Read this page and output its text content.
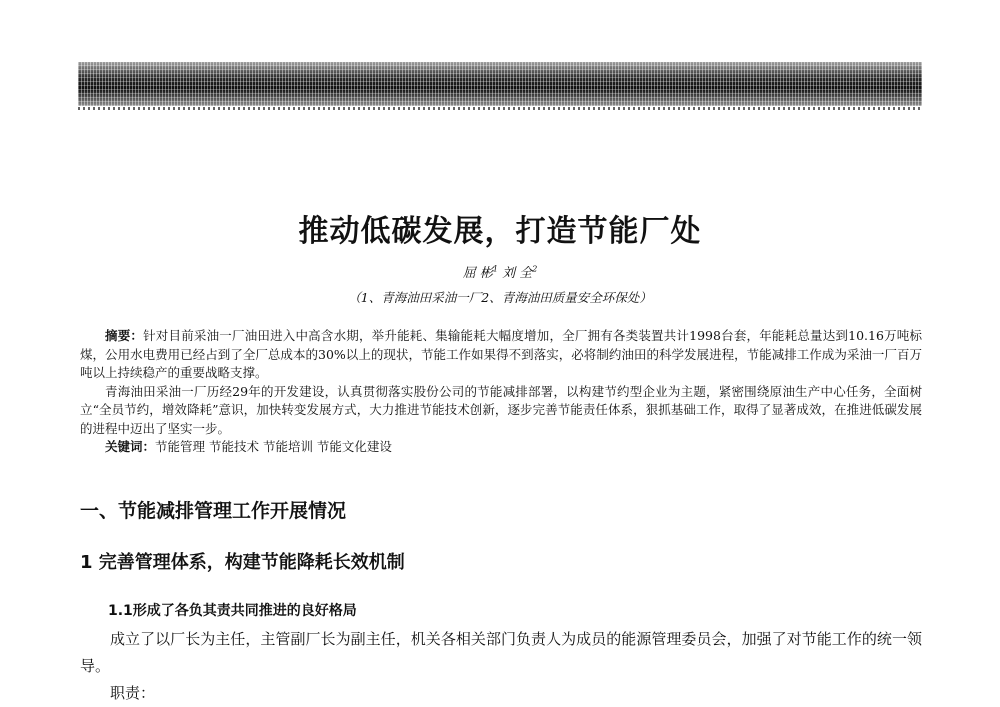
推动低碳发展，打造节能厂处
屈 彬$^1$ 刘 全$^2$
（1、青海油田采油一厂2、青海油田质量安全环保处）

摘要：针对目前采油一厂油田进入中高含水期，举升能耗、集输能耗大幅度增加，全厂拥有各类装置共计1998台套，年能耗总量达到10.16万吨标煤，公用水电费用已经占到了全厂总成本的30%以上的现状，节能工作如果得不到落实，必将制约油田的科学发展进程，节能减排工作成为采油一厂百万吨以上持续稳产的重要战略支撑。

青海油田采油一厂历经29年的开发建设，认真贯彻落实股份公司的节能减排部署，以构建节约型企业为主题，紧密围绕原油生产中心任务，全面树立“全员节约，增效降耗”意识，加快转变发展方式，大力推进节能技术创新，逐步完善节能责任体系，狠抓基础工作，取得了显著成效，在推进低碳发展的进程中迈出了坚实一步。

关键词：节能管理 节能技术 节能培训 节能文化建设

一、节能减排管理工作开展情况
1 完善管理体系，构建节能降耗长效机制
1.1形成了各负其责共同推进的良好格局

成立了以厂长为主任，主管副厂长为副主任，机关各相关部门负责人为成员的能源管理委员会，加强了对节能工作的统一领导。

职责：
